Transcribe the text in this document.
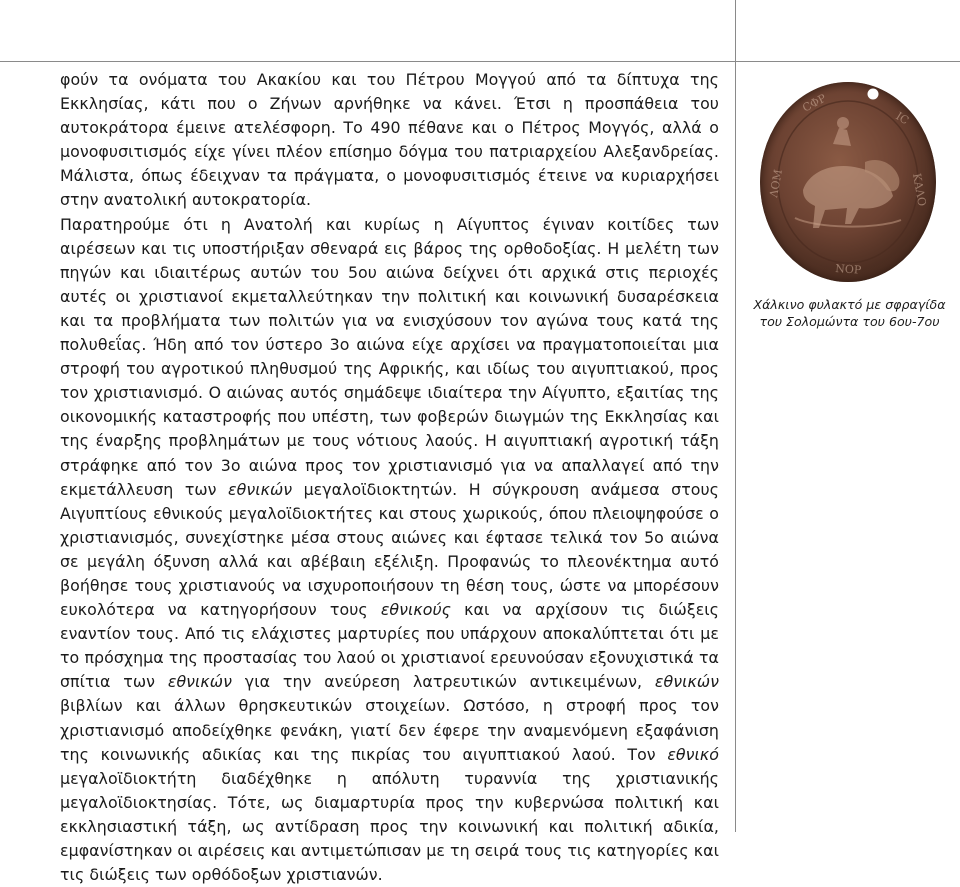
φούν τα ονόματα του Ακακίου και του Πέτρου Μογγού από τα δίπτυχα της Εκκλησίας, κάτι που ο Ζήνων αρνήθηκε να κάνει. Έτσι η προσπάθεια του αυτοκράτορα έμεινε ατελέσφορη. Το 490 πέθανε και ο Πέτρος Μογγός, αλλά ο μονοφυσιτισμός είχε γίνει πλέον επίσημο δόγμα του πατριαρχείου Αλεξανδρείας. Μάλιστα, όπως έδειχναν τα πράγματα, ο μονοφυσιτισμός έτεινε να κυριαρχήσει στην ανατολική αυτοκρατορία.

Παρατηρούμε ότι η Ανατολή και κυρίως η Αίγυπτος έγιναν κοιτίδες των αιρέσεων και τις υποστήριξαν σθεναρά εις βάρος της ορθοδοξίας. Η μελέτη των πηγών και ιδιαιτέρως αυτών του 5ου αιώνα δείχνει ότι αρχικά στις περιοχές αυτές οι χριστιανοί εκμεταλλεύτηκαν την πολιτική και κοινωνική δυσαρέσκεια και τα προβλήματα των πολιτών για να ενισχύσουν τον αγώνα τους κατά της πολυθεΐας. Ήδη από τον ύστερο 3ο αιώνα είχε αρχίσει να πραγματοποιείται μια στροφή του αγροτικού πληθυσμού της Αφρικής, και ιδίως του αιγυπτιακού, προς τον χριστιανισμό. Ο αιώνας αυτός σημάδεψε ιδιαίτερα την Αίγυπτο, εξαιτίας της οικονομικής καταστροφής που υπέστη, των φοβερών διωγμών της Εκκλησίας και της έναρξης προβλημάτων με τους νότιους λαούς. Η αιγυπτιακή αγροτική τάξη στράφηκε από τον 3ο αιώνα προς τον χριστιανισμό για να απαλλαγεί από την εκμετάλλευση των εθνικών μεγαλοϊδιοκτητών. Η σύγκρουση ανάμεσα στους Αιγυπτίους εθνικούς μεγαλοϊδιοκτήτες και στους χωρικούς, όπου πλειοψηφούσε ο χριστιανισμός, συνεχίστηκε μέσα στους αιώνες και έφτασε τελικά τον 5ο αιώνα σε μεγάλη όξυνση αλλά και αβέβαιη εξέλιξη. Προφανώς το πλεονέκτημα αυτό βοήθησε τους χριστιανούς να ισχυροποιήσουν τη θέση τους, ώστε να μπορέσουν ευκολότερα να κατηγορήσουν τους εθνικούς και να αρχίσουν τις διώξεις εναντίον τους. Από τις ελάχιστες μαρτυρίες που υπάρχουν αποκαλύπτεται ότι με το πρόσχημα της προστασίας του λαού οι χριστιανοί ερευνούσαν εξονυχιστικά τα σπίτια των εθνικών για την ανεύρεση λατρευτικών αντικειμένων, εθνικών βιβλίων και άλλων θρησκευτικών στοιχείων. Ωστόσο, η στροφή προς τον χριστιανισμό αποδείχθηκε φενάκη, γιατί δεν έφερε την αναμενόμενη εξαφάνιση της κοινωνικής αδικίας και της πικρίας του αιγυπτιακού λαού. Τον εθνικό μεγαλοϊδιοκτήτη διαδέχθηκε η απόλυτη τυραννία της χριστιανικής μεγαλοϊδιοκτησίας. Τότε, ως διαμαρτυρία προς την κυβερνώσα πολιτική και εκκλησιαστική τάξη, ως αντίδραση προς την κοινωνική και πολιτική αδικία, εμφανίστηκαν οι αιρέσεις και αντιμετώπισαν με τη σειρά τους τις κατηγορίες και τις διώξεις των ορθόδοξων χριστιανών.

ϹΦΡ
ΙϹ
ΚΑΛΟ
ΛΟΜ
ΝΟΡ
Χάλκινο φυλακτό με σφραγίδα
του Σολομώντα του 6ου-7ου
